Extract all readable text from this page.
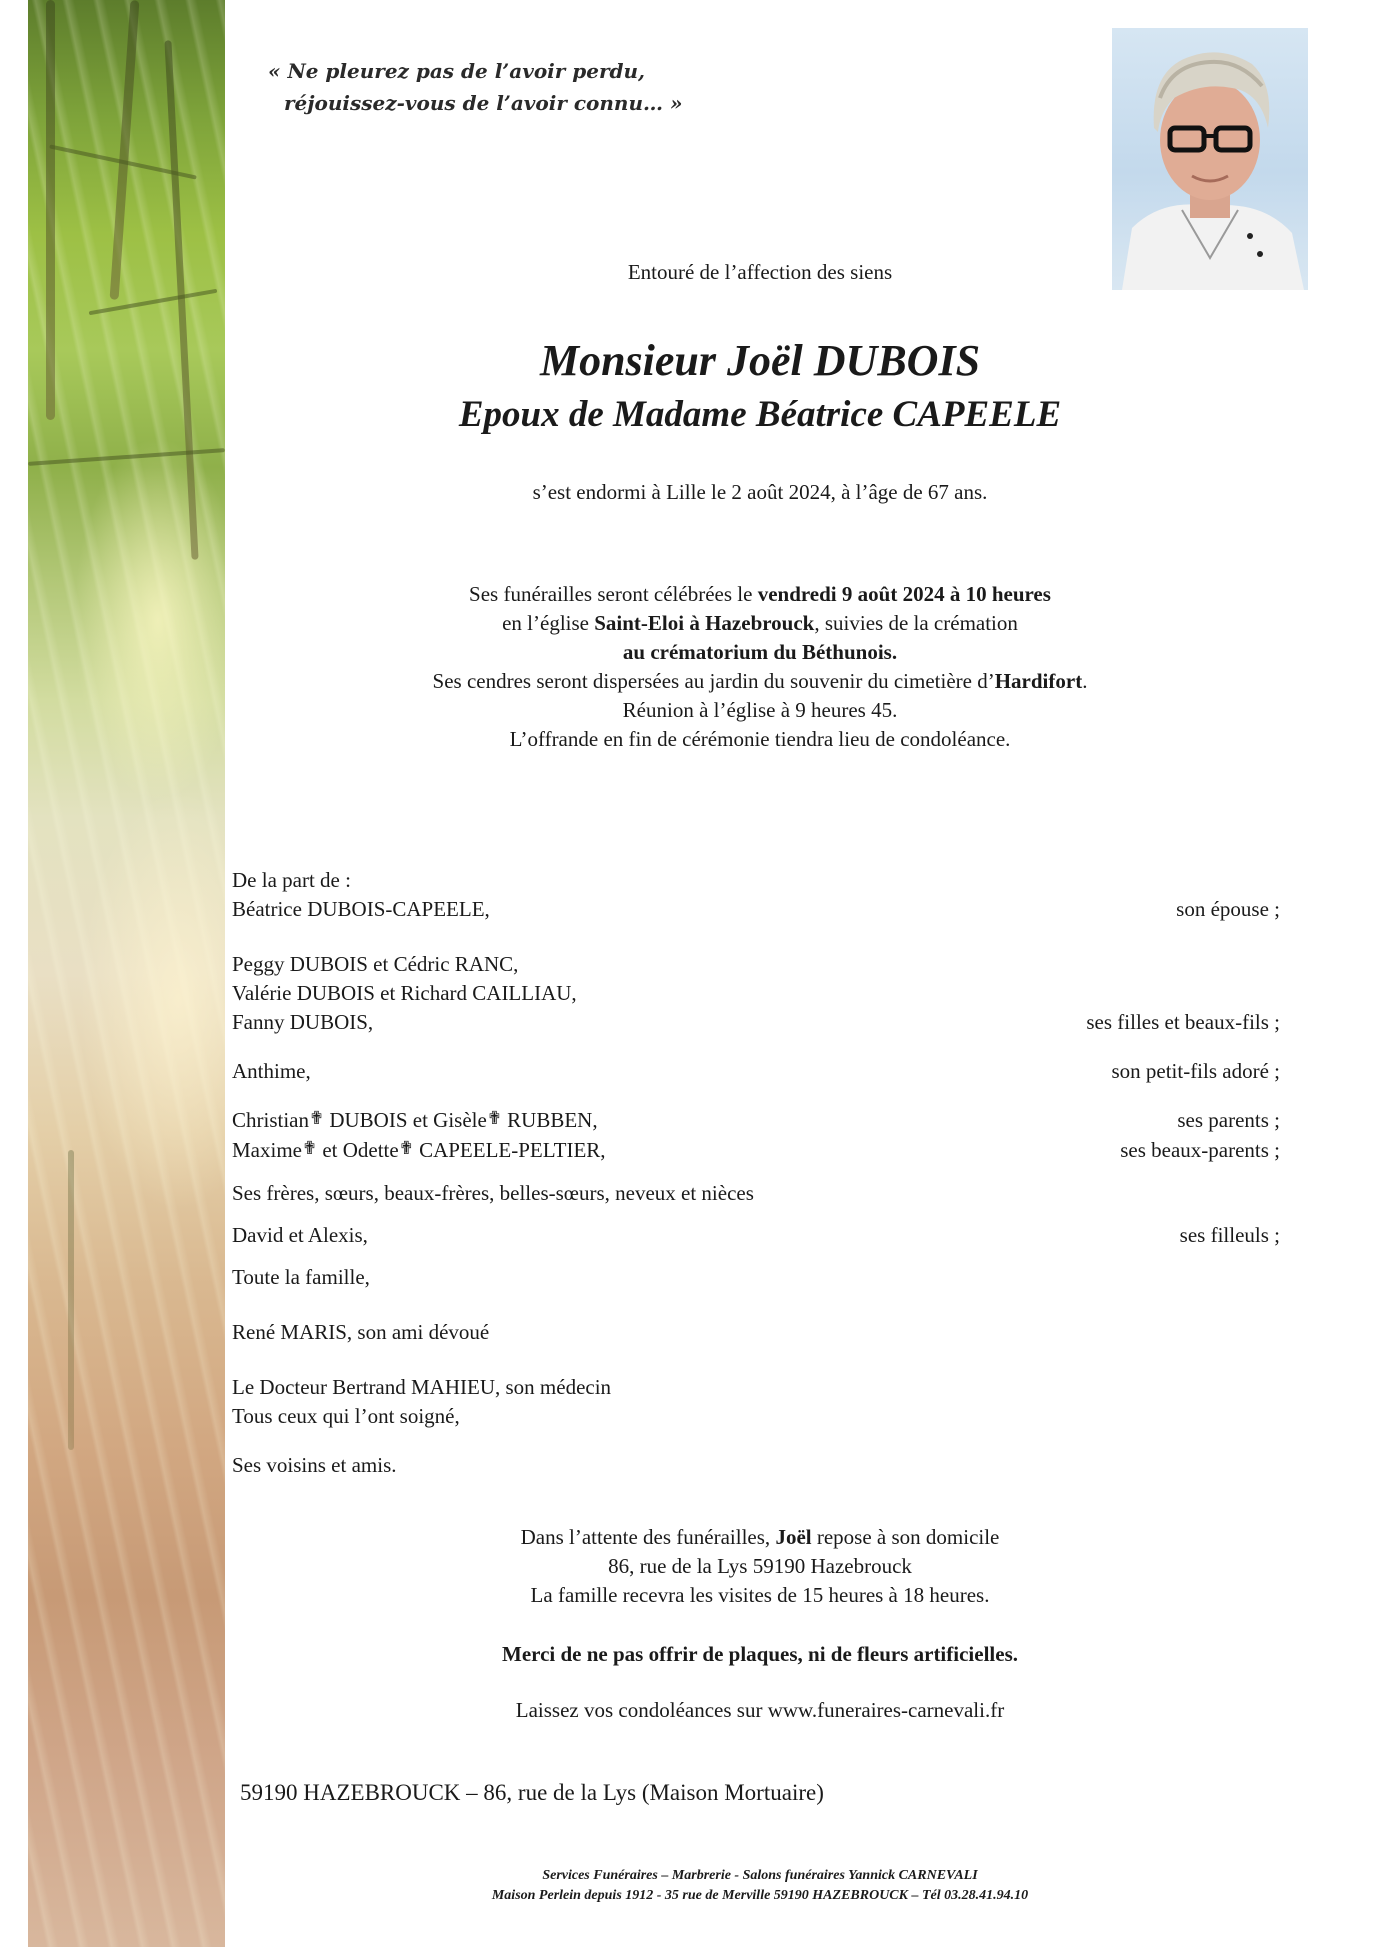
« Ne pleurez pas de l’avoir perdu,
réjouissez-vous de l’avoir connu… »
Entouré de l’affection des siens
Monsieur Joël DUBOIS
Epoux de Madame Béatrice CAPEELE
s’est endormi à Lille le 2 août 2024, à l’âge de 67 ans.
Ses funérailles seront célébrées le vendredi 9 août 2024 à 10 heures
en l’église Saint-Eloi à Hazebrouck, suivies de la crémation
au crématorium du Béthunois.
Ses cendres seront dispersées au jardin du souvenir du cimetière d’Hardifort.
Réunion à l’église à 9 heures 45.
L’offrande en fin de cérémonie tiendra lieu de condoléance.
De la part de :
Béatrice DUBOIS-CAPEELE,	son épouse ;
Peggy DUBOIS et Cédric RANC,
Valérie DUBOIS et Richard CAILLIAU,
Fanny DUBOIS,	ses filles et beaux-fils ;
Anthime,	son petit-fils adoré ;
Christian✟ DUBOIS et Gisèle✟ RUBBEN,	ses parents ;
Maxime✟ et Odette✟ CAPEELE-PELTIER,	ses beaux-parents ;
Ses frères, sœurs, beaux-frères, belles-sœurs, neveux et nièces
David et Alexis,	ses filleuls ;
Toute la famille,
René MARIS, son ami dévoué
Le Docteur Bertrand MAHIEU, son médecin
Tous ceux qui l’ont soigné,
Ses voisins et amis.
Dans l’attente des funérailles, Joël repose à son domicile
86, rue de la Lys 59190 Hazebrouck
La famille recevra les visites de 15 heures à 18 heures.
Merci de ne pas offrir de plaques, ni de fleurs artificielles.
Laissez vos condoléances sur www.funeraires-carnevali.fr
59190 HAZEBROUCK – 86, rue de la Lys (Maison Mortuaire)
Services Funéraires – Marbrerie - Salons funéraires Yannick CARNEVALI
Maison Perlein depuis 1912 - 35 rue de Merville 59190 HAZEBROUCK – Tél 03.28.41.94.10
